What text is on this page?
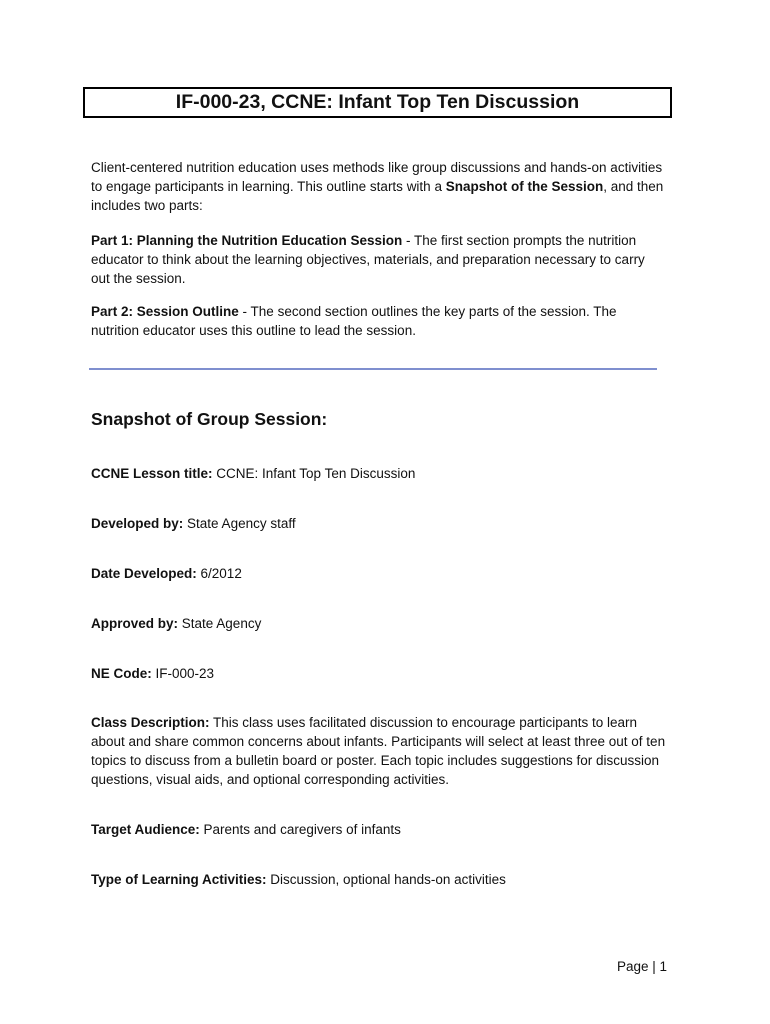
IF-000-23, CCNE: Infant Top Ten Discussion
Client-centered nutrition education uses methods like group discussions and hands-on activities to engage participants in learning. This outline starts with a Snapshot of the Session, and then includes two parts:
Part 1: Planning the Nutrition Education Session - The first section prompts the nutrition educator to think about the learning objectives, materials, and preparation necessary to carry out the session.
Part 2: Session Outline - The second section outlines the key parts of the session. The nutrition educator uses this outline to lead the session.
Snapshot of Group Session:
CCNE Lesson title: CCNE: Infant Top Ten Discussion
Developed by: State Agency staff
Date Developed: 6/2012
Approved by: State Agency
NE Code: IF-000-23
Class Description: This class uses facilitated discussion to encourage participants to learn about and share common concerns about infants. Participants will select at least three out of ten topics to discuss from a bulletin board or poster. Each topic includes suggestions for discussion questions, visual aids, and optional corresponding activities.
Target Audience: Parents and caregivers of infants
Type of Learning Activities: Discussion, optional hands-on activities
Page | 1
